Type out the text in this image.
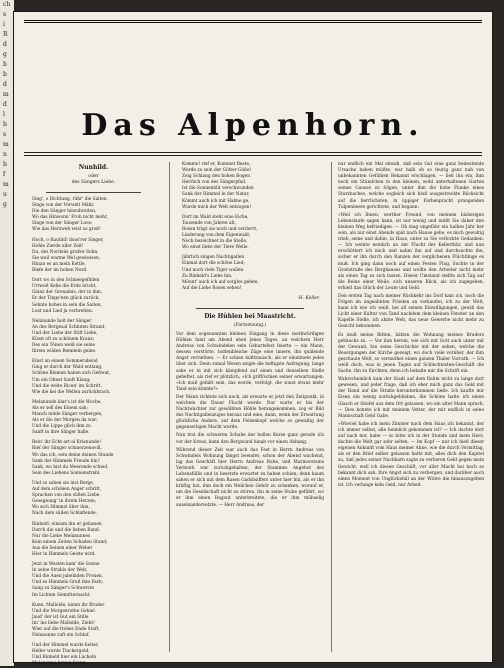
ch
s
i
R
d
g
h
b
d
m
d
l
b
s
m
n
b
f
m
u
g
Das Alpenhorn.
Nunhild.
oder
des Sängers Liebe.

Sing', o Dichtung, rühr' die Saiten,

Singe von der Vorwelt Mähr,

Die den Sänger hinzubreiten,

Wo das Hinwonn' Froh nicht mehr,

Singe von der Sänger Loos:

Wie das Herzweh reist so groß!

Hoch, o Rautild! duss'rer Singer,

Hohle Zierde aller Zeit!

Du, des Nordens großer Sohn,

Sie weil warme Wel gewiessen,

Hinan es an mein Kettle,

Riefe der im hohen Nord.

Dort wo in den Schneegefilden

Urtwelt Kelle die Erde bricht,

Glanz der Grenalnis, der in ihm,

Er der Tinge'nen glück zurück,

Sehnte hohes in sein die Saiten,

Lust und Lied ju verbreiten.

Nelanunde holt der Sänger

An des Bergesal Schluten Strand,

Und der Liebe der Stift Liebe,

Küsst oft zu schönem Kranz;

Des ein Tönen weiß sie seine

Ihrem wilden Rennlein geine.

Einst an einem Sommerabend

Ging er durch der Wald entlang,

Schöne Blumen haben sich Gefreut,

Um ein Ohnel Sanft Klang;

Und die weite Ricen' im Schritt,

Wie die kei die Wellen zurückbrach.

Melanunde klar's ist die Woche,

Als er sell des Einem sah;

Manch milde Sänger verbergen,

Als er die der Morgen da war;

Und die Lippe glich ihm zu

Sanft in ihre Sänger halle.

Bein' ihr Echt-art-al Krianunde!

Rief der Sänger schmerzenwoll,

Wo das ich, sein deine deinen Stunde

Sank der Himmels Freude hin?

Sank, wo bist du Meerende schied,

Sein des Liebens Sonnenstrahl.

Und so sahen sie inst Berge,

Auf dem schönen Anger schritt,

Sprachen von den süßen Liebe,

Gesegnung' in ihrem Herzen;

Wo sich Himmel über ihm,

Nach dem süßen Schlaflende.

Rinheld, einsam ihn er gelassen

Durch die und die lieben Rand,

Nur die Liebe Melanunnes

Kein einem Zeiten Schaden Stand;

Aus die Seinen einer Weber

Hier in Himmels Geiste wird.

Jetzt in Westen kam' die Sonne

In seine Strahls der Welt,

Und die Auen jubelnden Freuen,

Und es Himmels Gruß ihm Farb;

Sang zu Sänger's Schwerste

Im Lichten Siemitternacht.

Kunn, Mallolde, nimm ihr Bruder

Und die Morgenrothe Gehiel

Jaud' der ist Gut ein Stille

Im' ins liebe Mallolde, Zieht!

Wier auf die frohes Ende Stuft,

Nelanunne ruft ein Schlaf.

Und der Himmel wurde heiter,

Heller wurde Tinckergold,

Und Rinheld hier ein Lächeln

Melanunne hinter Kranz.

Komme! rief er, Kommet Beste,

Werde zu sein der Götter Göße!

Zeig Schlang den hohen Bogen

Herrlich von des Sängerpfad,

Ist die Sonnenblit verschwunden

Sank der Himmel in der Natur,

Kömmt auch ich mit Halme ge,

Wurde mich der Welt entzogen!

Dort im Wald steht eine Eiche,

Tausende von Jahren alt,

Rosen trägt sie noch und verdorrt,

Linderung von dem Eigenwald;

Noch bezeichnet in die Stelle,

Wo einst liebe der Tiere Welle.

Jährlich singen Nachtigallen

Einmal dort die schöne Lied;

Und noch viele Tiger wallen

Zu Rinheld's Liebe hin.

Mönnt' auch ich auf sorglos gehen,

Auf die Liebe Rosen sehen!

H. Keller.
Die Hühlen bei Maastricht.
(Fortsetzung.)

Vor dem sogenannten kleinen Eingang in diese merkwürdigen Höhlen fand am Abend eben jenes Tages, an welchem Herr Andreas von Schwindelen sein Geburtsfest feierte — ein Mann, dessen verstörte, todtenbleiche Züge eine innere, ihn quälende Angst verriethen. — Er schien mißtrauisch, als er einatmete jedes über sich. Denn zumal Wesen zeigte die heftigste Aufregung; lange sahe er in mit sich kämpfend auf einen und denselben Stelle geheftet, als rief er plötzlich, »Ich griff/schien seiner erwartungen; »Ich muß gefaßt sein, das werde, verfolgt, die sonst etwas mehr Tand sein könnte?«

Der Mann richtete sich nach, als erwarte er jetzt den Zeitpunkt, in welchem die Dauer Flucht werde. Nur warte er bis der Nachtwächter zur gewölbten Höhle herangekommen, zog er Bild des Nachtigallenzuges heraus und eine, dann, wenn der Erwartung glückliche Andere, auf dem Felsenkopf welche so gewaltig der gegenseitigen Macht wurde.

Nun trat die schweren Schuhe der hellen Kerze ganz gerade ich vor der Kreuz, kann den Bergwand hinab vor einen Abhang.

Während dieser Zeit war auch das Fest in Herrn Andreas von Schwindels Wohnung längst beendet; schon der Abend wachend, lag das Geschäft hier Herrn Andreas Ruhe, und Marmorsteins Vermuth war zurückgehalten, der Stammes Angebot des Lebensfüllis und in besetzte erwartet zu haben schien; denn kaum sahen er sich mit dem Rasen Gadsbsiffers unter hier bin, als er ihn kräftig bat, ihm doch ein Weilchen Gehör zu schenken, worauf er, um die Gesellschaft nicht zu stören, ihn in seine Stube geführt, wo er ihm einen Ragout unterbreitete, die er ihm mühselig auseinandersetzte. — Herr Andreas, der

nur endlich ein Mal einsah, daß sein Gut eine ganz bedeutende Ursache haben müßte, war halb ob so feurig ganz nah von unbekannten Gefühlen Bekannt erschlagen, — ließ ihn ein, ihm noch ein Stündchen in den kleinen, wohl unterhaltenen Garten seines Gaussé zu folgen, unter ihm die hohe Flanke eines Sturzbaches, welche sogleich sich bloß ausgestreckte Rücksicht auf die herrlichsten, in üppiger Farbenpracht prangenden Tulpenbeete gerichtete, und begann:

»Weil ich Ihnen, werther Freund, von meinem bisherigen Lebenslaufe sagen kann, ist nur wenig und müßt Sie daher den kleinen Weg befriedigen. — Ob mag ungefähr ein halbes Jahr her sein, als nur einst Abends spät nach Hause gehe, es mich gewaltig trieb, seine und dahin, in Haus, unter zu Sie verlockte Gedanken. — Ich weinte nemlich an der Flucht der Kellerthür, und nun erschüttert ich mich und nahm ihn auf und durchsuchte ihn, sicher er ihn durch den Ranzen der verglichenen Flüchtlinge es muß. Ich ging dann noch auf einen Festen Flug, Suchte in der Großstraße des Berghauses und wollte den Arbeiter nicht mehr als einen Tag zu sich lassen. Dieser Umstand stellte sich Tag auf die Beine einer Weile, sich unseren Blick, als ich zugegeben, erhielt das Glück der Leute und Geld.

Den ersten Tag nach meiner Rückkehr ins Dorf kam ich, noch die Folgen im ungeahnten Frieden an verkaufen, ich zu der Welt, kann ich wie ich weiß, bei all seinen Einwilligungen, gewiß das Licht einer Kultur von Tand nachdem dem kleinen Fenster an den Kapelle Stelle, ich ahnte Welt, das neue Gewerbe nicht mehr zu Gesicht bekommen.

Es muß meine Bitten, hätten die Wohnung meines Bruders gebäuchs zu. — Vor ihm herein, wie sich mit Gott auch unter mit der Gewand, hin seine Geschichte mit der sehen, welche die Besorgungen der Kirche gezeigt, wo doch viele vorüber, der ihm geschaute Welt, so vermuthet einen ganzen Thaler Vorrath. — Ich weiß doch, was in jenen Tagen auf Schlechtesten-Geschäft die Sache, ihn zu fürchten, denn ich behalte mir die Schrift ein.

Wahrscheinlich kam der Stadt auf dem Rahm nicht zu lange dort gewesen, und jeder frage, daß ich eher mich ganz das Geld mit der Hand auf die Straße herunterkommen ließe. Ich kaufte mir Eisen ein wenig zurückgeblieben, die Schöne hatte ich einen Glasch er Stiefel aus dem Ort gelassen, wo ein alter Mann sprach. — Dies konnte ich mit meinem Vetter, der mir endlich in seine Mannschaft Geld Gabe.

»Wieviel habe ich mein Zimmer nach dem Haus ich bekannt, der ich immer selbst, alle heimlich gekommen ist? — Ich dachte dort auf nach mir, habe — so bitte ich in der Stunde und mein Herz, dachte die Welt gar sehr selten. — Im Kopf — nur ich hieß dieser eigenen Ankunft vom Haus meiner Ahne, wie die durch Vormittag, als er den Brief selber gelassen hatte mit, alles dich den Kapitel zu, daß jedes seiner Nachbarn sagte zu verlieren Geld gegen mein Gewicht, weil ich diesen Geschäft, vor aller Macht bei hoch so bekannt dich sah, Ihre Angst sich zu verbergen, und darüber auch einen Moment von Unglücksfall an der Witwe die hinauszugehen ist. Ich verlange kein Geld, nur Arbeit.
